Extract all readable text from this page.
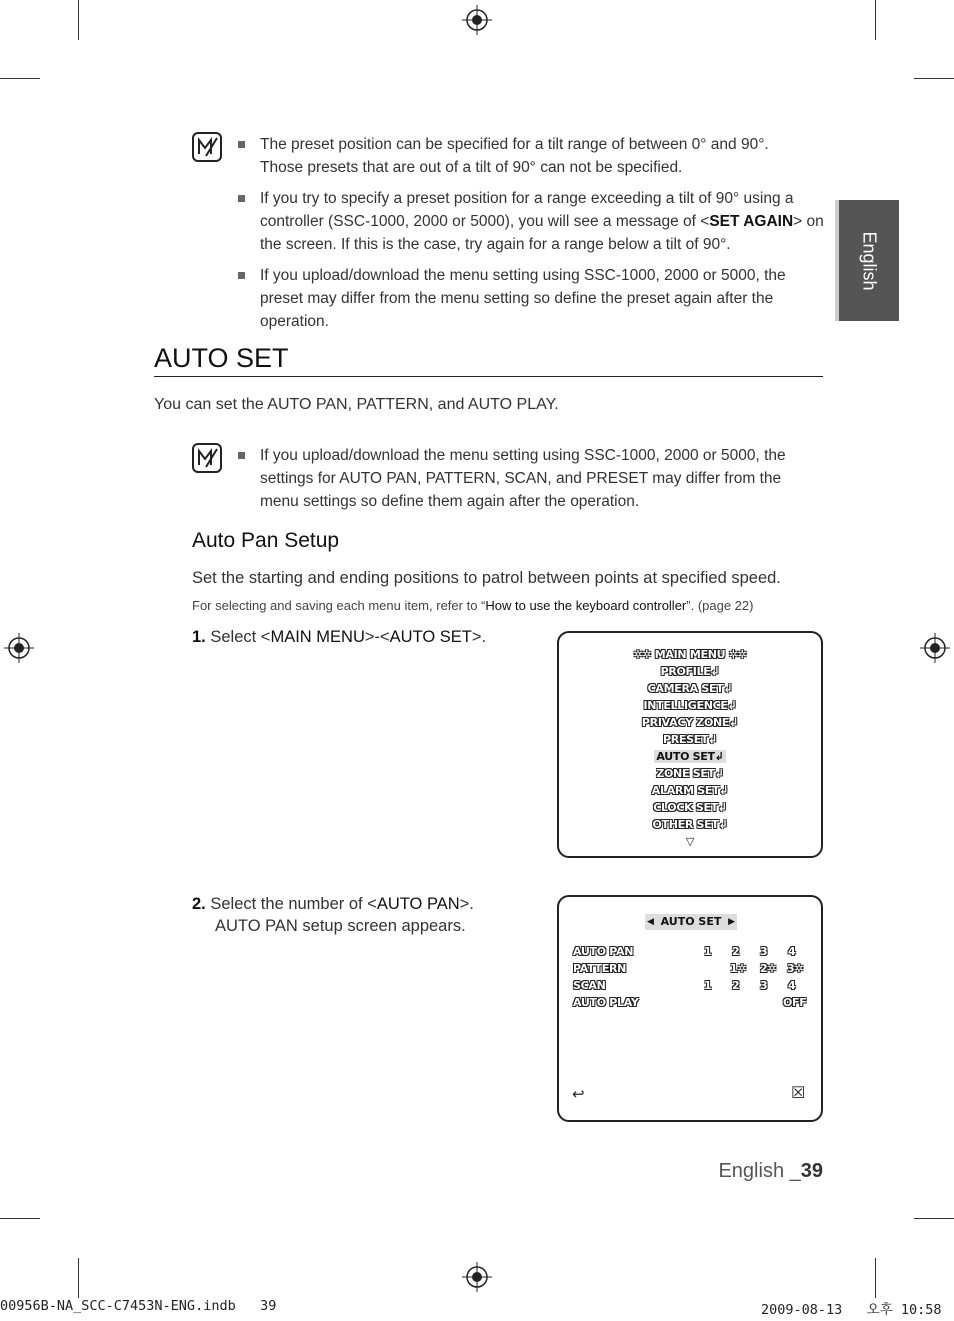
English
The preset position can be specified for a tilt range of between 0° and 90°.
Those presets that are out of a tilt of 90° can not be specified.
If you try to specify a preset position for a range exceeding a tilt of 90° using a controller (SSC-1000, 2000 or 5000), you will see a message of <SET AGAIN> on the screen. If this is the case, try again for a range below a tilt of 90°.
If you upload/download the menu setting using SSC-1000, 2000 or 5000, the preset may differ from the menu setting so define the preset again after the operation.
AUTO SET
You can set the AUTO PAN, PATTERN, and AUTO PLAY.
If you upload/download the menu setting using SSC-1000, 2000 or 5000, the settings for AUTO PAN, PATTERN, SCAN, and PRESET may differ from the menu settings so define them again after the operation.
Auto Pan Setup
Set the starting and ending positions to patrol between points at specified speed.
For selecting and saving each menu item, refer to “How to use the keyboard controller”. (page 22)
1. Select <MAIN MENU>-<AUTO SET>.
✲✲ MAIN MENU ✲✲
PROFILE↲
CAMERA SET↲
INTELLIGENCE↲
PRIVACY ZONE↲
PRESET↲
AUTO SET↲
ZONE SET↲
ALARM SET↲
CLOCK SET↲
OTHER SET↲
▽
2. Select the number of <AUTO PAN>.
AUTO PAN setup screen appears.	◀ AUTO SET ▶
AUTO PAN	1 2 3 4
PATTERN	1✲ 2✲ 3✲
SCAN	1 2 3 4
AUTO PLAY	OFF
↩	☒
English _39
00956B-NA_SCC-C7453N-ENG.indb   39	2009-08-13   오후 10:58
